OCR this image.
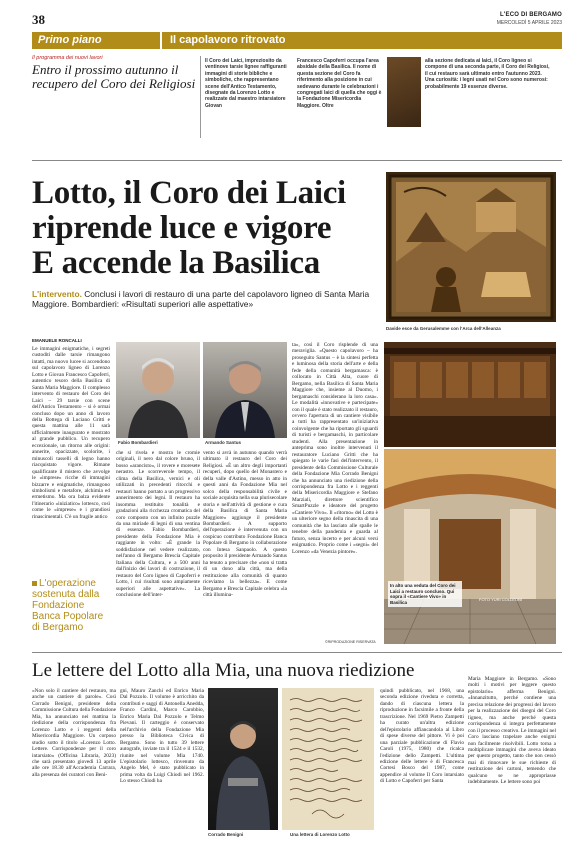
38	L'ECO DI BERGAMO
MERCOLEDÌ 5 APRILE 2023
Primo piano	Il capolavoro ritrovato
Il programma dei nuovi lavori
Entro il prossimo autunno il recupero del Coro dei Religiosi
Il Coro dei Laici, impreziosito da ventinove tarsie lignee raffiguranti immagini di storie bibliche e simboliche, che rappresentano scene dell'Antico Testamento, disegnate da Lorenzo Lotto e realizzate dal maestro intarsiatore Giovan
Francesco Capoferri occupa l'area absidale della Basilica. Il nome di questa sezione del Coro fa riferimento alla posizione in cui sedevano durante le celebrazioni i congregati laici di quella che oggi è la Fondazione Misericordia Maggiore. Oltre
alla sezione dedicata ai laici, il Coro ligneo si compone di una seconda parte, il Coro dei Religiosi, il cui restauro sarà ultimato entro l'autunno 2023. Una curiosità: i legni usati nel Coro sono numerosi: probabilmente 19 essenze diverse.
Lotto, il Coro dei Laici
riprende luce e vigore
E accende la Basilica
L'intervento. Conclusi i lavori di restauro di una parte del capolavoro ligneo di Santa Maria Maggiore. Bombardieri: «Risultati superiori alle aspettative»
Davide esce da Gerusalemme con l'Arca dell'Alleanza
EMANUELE RONCALLI
Le immagini enigmatiche, i segreti custoditi dalle tarsie rimangono intatti, ma nuovo lucee si accendono sul capolavoro ligneo di Lorenzo Lotto e Giovan Francesco Capoferri, autentico tesoro della Basilica di Santa Maria Maggiore. Il complesso intervento di restauro del Coro dei Laici – 29 tarsie con scene dell'Antico Testamento – si è ormai concluso dopo un anno di lavoro della Bottega di Luciano Gritti e questa mattina alle 11 sarà ufficialmente inaugurato e mostrato al grande pubblico. Un recupero eccezionale, un ritorno alle origini: annerite, opacizzate, scolorite, i minuscoli tasselli di legno hanno riacquistato vigore. Rimane qualificante il mistero che avvolge le «imprese» ricche di immagini bizzarre e enigmatiche, rimangono simbolismi e metafore, alchimia ed ermetismo. Ma ora balza evidente l'itinerario «iniziatico» lottesco, così come le «imprese» e i grandiosi rinascimentali. C'è un fragile antico
Fabio Bombardieri	Armando Santus
che si rivela e mostra le cromie originali, il nero dal colore bruno, il bosso «arancisto», il rovere e moresete nerastro. Le scorreverole tempo, il clima della Basilica, vernici e oli utilizzati in precedenti ritocchi e restauri hanno portato a un progressivo annerimento dei legni. Il restauro ha insomma restituito tonalità e gradazioni alla ricchezza cromatica del coro composto con un infinito puzzle da una miriade di legni di una ventina di essenze. Fabio Bombardieri, presidente della Fondazione Mia è raggiante in volto: «È grande la soddisfazione nel vedere realizzato, nell'anno di Bergamo Brescia Capitale Italiana della Cultura, e a 500 anni dall'inizio dei lavori di costruzione, il restauro del Coro ligneo di Capoferri e Lotto, i cui risultati sono ampiamente superiori alle aspettative». La conclusione dell'inter-
vento si avrà in autunno quando verrà ultimato il restauro del Coro dei Religiosi. «È un altro degli importanti recuperi, dopo quello del Monastero e della valle d'Astino, messo in atto in questi anni da Fondazione Mia nel solco della responsabilità civile e sociale acquisita nella sua plurisecolare storia e nell'attività di gestione e cura della Basilica di Santa Maria Maggiore» aggiunge il presidente Bombardieri. A supporto dell'operazione è intervenuta con un cospicuo contributo Fondazione Banca Popolare di Bergamo in collaborazione con Intesa Sanpaolo. A questo proposito il presidente Armando Santus ha tenuto a precisare che «non si tratta di un dono alla città, ma della restituzione alla comunità di quanto riceviamo la bellezza». E come Bergamo e Brescia Capitale celebra «la città illumina-
ta», così il Coro risplende di una meraviglia. «Questo capolavoro – ha proseguito Santus – è la sintesi perfetta e luminosa della storia dell'arte e della fede della comunità bergamasca: è collocato in Città Alta, cuore di Bergamo, nella Basilica di Santa Maria Maggiore che, insieme al Duomo, i bergamaschi considerano la loro casa». Le modalità «innovative e partecipate» con il quale è stato realizzato il restauro, ovvero l'apertura di un cantiere visibile a tutti ha rappresentato un'iniziativa coinvolgente che ha riportato gli sguardi di turisti e bergamaschi, in particolare studenti. Alla presentazione in anteprima sono inoltre intervenuti il restauratore Luciano Gritti che ha spiegato le varie fasi dell'intervento, il presidente della Commissione Culturale della Fondazione Mia Corrado Benigni che ha annunciato una riedizione della corrispondenza fra Lotto e i reggenti della Misericordia Maggiore e Stefano Marziali, direttore scientifico SmartPuzzle e ideatore del progetto «Cantiere Vivo». Il «ritorno» del Lotto è un ulteriore segno della rinascita di una comunità che ha lasciato alle spalle le tenebre della pandemia e guarda al futuro, senza incerto e per alcuni versi enigmatico. Proprio come i «segni» del Lorenzo «da Venezia pintore».
©RIPRODUZIONE RISERVATA
In alto una veduta del Coro dei Laici a restauro concluso. Qui sopra il «Cantiere Vivo» in Basilica
FOTO YURI COLLEONI
L'operazione sostenuta dalla Fondazione Banca Popolare di Bergamo
Le lettere del Lotto alla Mia, una nuova riedizione
«Non solo il cantiere del restauro, ma anche un cantiere di parole». Così Corrado Benigni, presidente della Commissione Cultura della Fondazione Mia, ha annunciato nei mattina la riedizione della corrispondenza fra Lorenzo Lotto e i reggenti della Misericordia Maggiore. Un corposo studio sotto il titolo «Lorenzo Lotto. Lettere. Corrispondenze per il coro intarsiato» (Officina Libraria, 2023) che sarà presentato giovedì 13 aprile alle ore 18.30 all'Accademia Carrara, alla presenza dei curatori con Beni-
gni, Mauro Zanchi ed Enrico Maria Dal Pozzolo. Il volume è arricchito da contributi e saggi di Antonella Anedda, Franco Cardini, Marco Carobbio, Enrico Maria Dal Pozzolo e Telmo Pievani. Il carteggio è conservato nell'archivio della Fondazione Mia presso la Biblioteca Civica di Bergamo. Sono in tutto 39 lettere autografe, inviate tra il 1524 e il 1532, riunite nel volume Mia 1740. L'epistolario lottesco, rinvenuto da Angelo Mel, è stato pubblicato in prima volta da Luigi Chiodi nel 1962. Lo stesso Chiodi ha
Corrado Benigni	Una lettera di Lorenzo Lotto
quindi pubblicato, nel 1968, una seconda edizione riveduta e corretta, dando di ciascuna lettera la riproduzione in facsimile a fronte della trascrizione. Nel 1969 Pietro Zampetti ha curato un'altra edizione dell'epistolario affiancandola al Libro di spese diverse del pittore. Vi è poi una parziale pubblicazione di Flavio Caroli (1975, 1980) che ricalca l'edizione dello Zampetti. L'ultima edizione delle lettere è di Francesca Cortesi Bosco del 1987, come appendice al volume Il Coro intarsiato di Lotto e Capoferri per Santa
Maria Maggiore in Bergamo. «Sono molti i motivi per leggere questo epistolario» afferma Benigni. «Innanzitutto, perché contiene una precisa relazione dei progressi del lavoro per la realizzazione dei disegni del Coro ligneo, ma anche perché questa corrispondenza si integra perfettamente con il processo creativo. Le immagini nel Coro lasciano trapelare anche enigmi non facilmente risolvibili. Lotto torna a moltiplicare immagini che aveva ideato per questo progetto, tanto che non cessò mai di rinnovare le sue richieste di restituzione dei cartoni, temendo che qualcuno se ne appropriasse indebitamente. Le lettere sono poi
